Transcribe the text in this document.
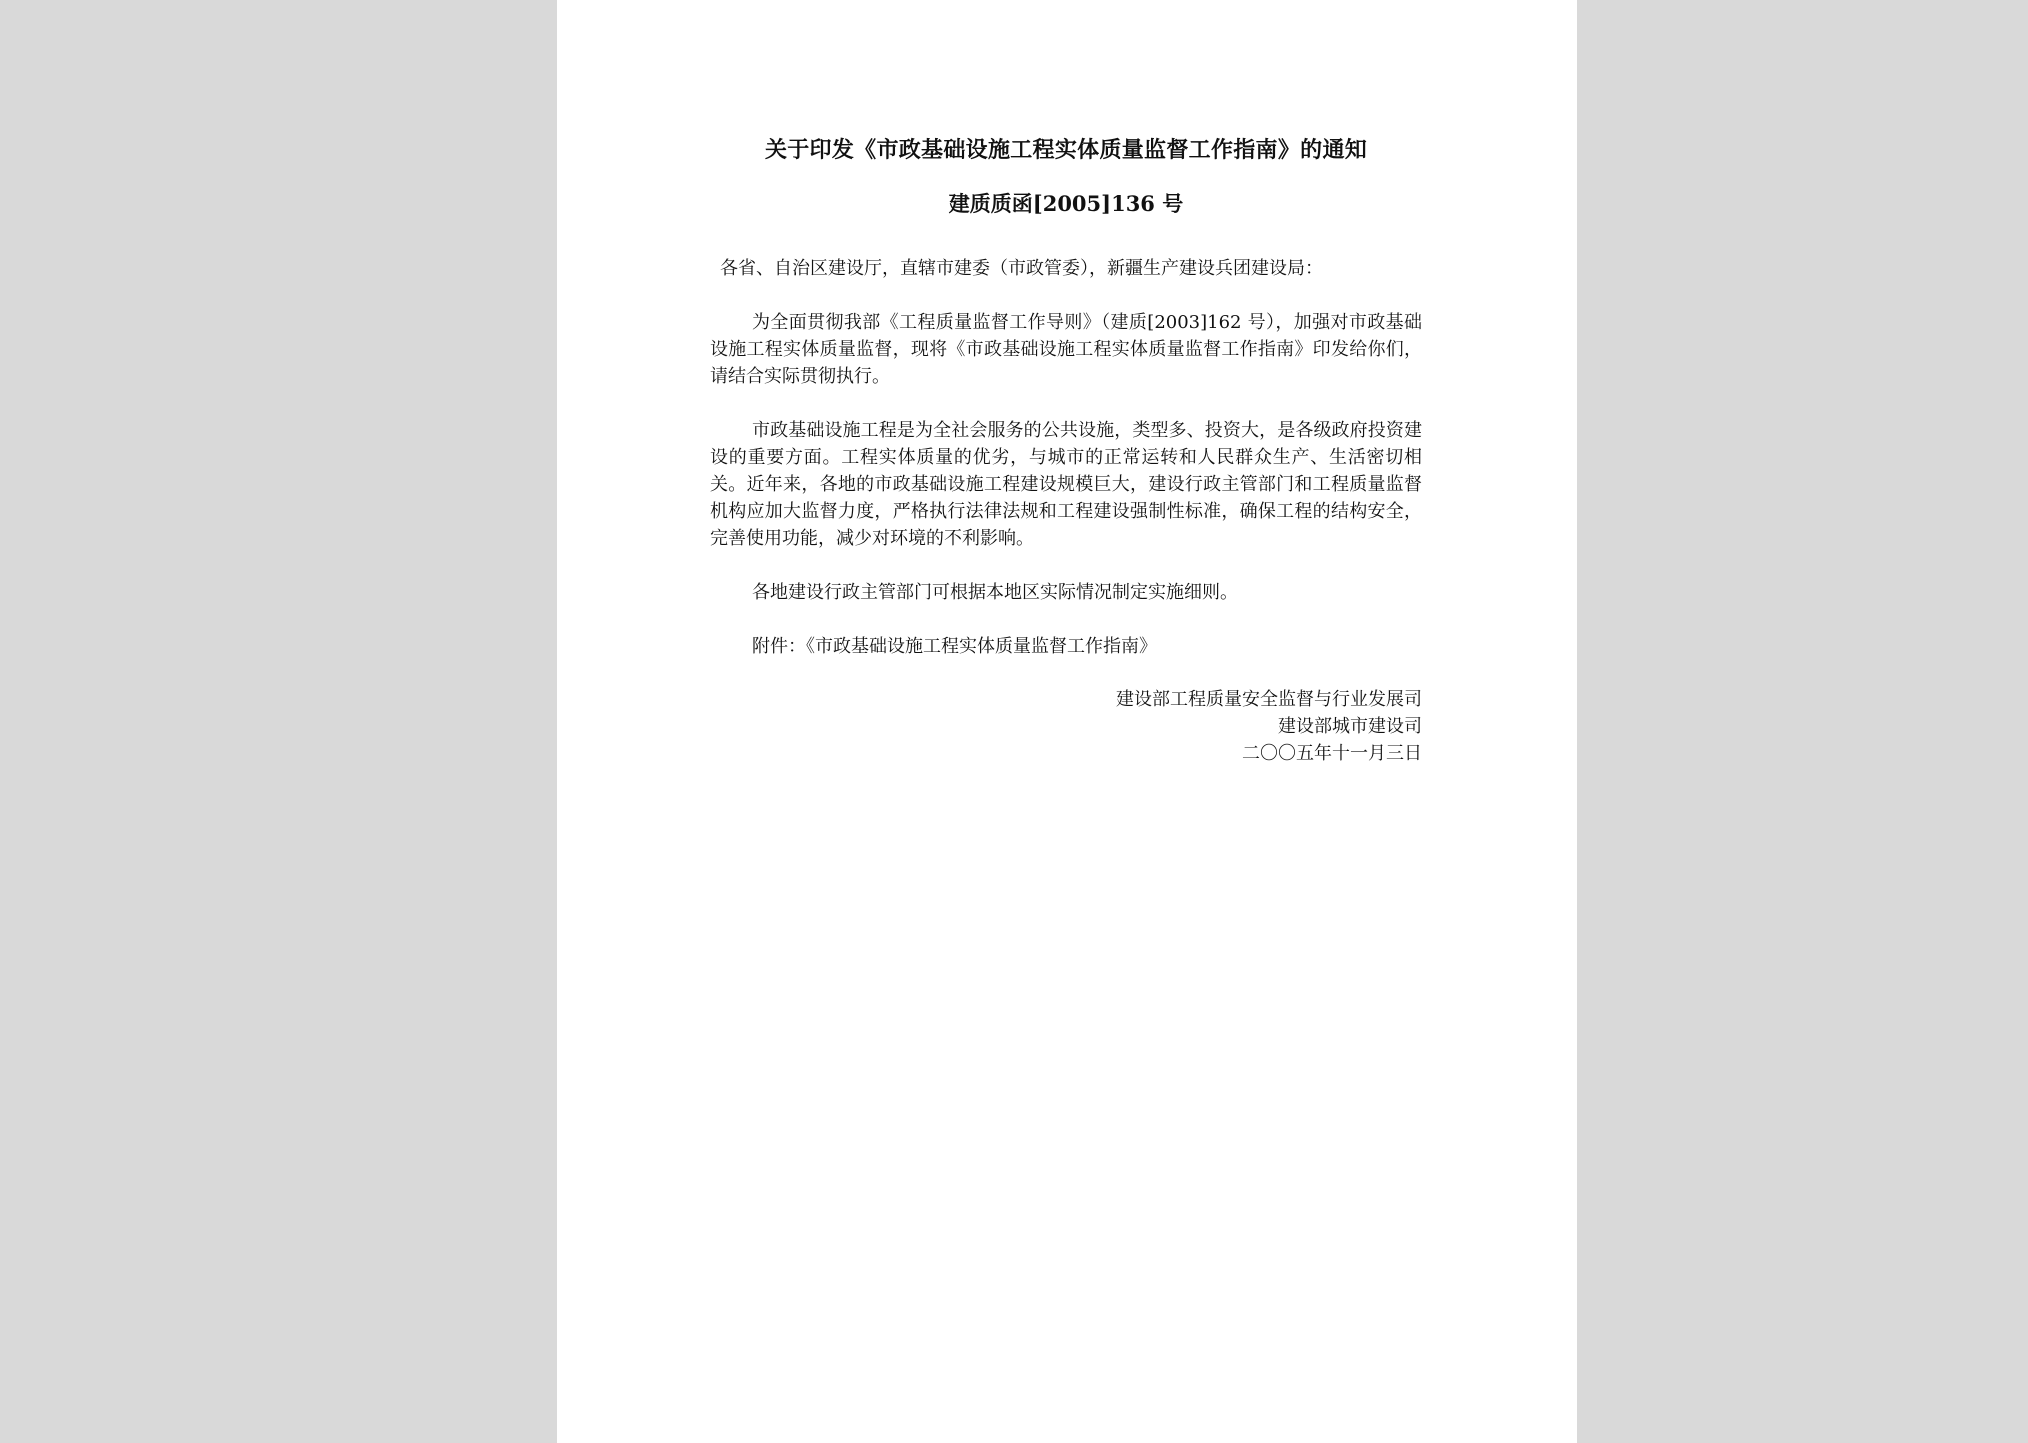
关于印发《市政基础设施工程实体质量监督工作指南》的通知
建质质函[2005]136 号

各省、自治区建设厅，直辖市建委（市政管委），新疆生产建设兵团建设局：

为全面贯彻我部《工程质量监督工作导则》（建质[2003]162 号），加强对市政基础设施工程实体质量监督，现将《市政基础设施工程实体质量监督工作指南》印发给你们，请结合实际贯彻执行。

市政基础设施工程是为全社会服务的公共设施，类型多、投资大，是各级政府投资建设的重要方面。工程实体质量的优劣，与城市的正常运转和人民群众生产、生活密切相关。近年来，各地的市政基础设施工程建设规模巨大，建设行政主管部门和工程质量监督机构应加大监督力度，严格执行法律法规和工程建设强制性标准，确保工程的结构安全，完善使用功能，减少对环境的不利影响。

各地建设行政主管部门可根据本地区实际情况制定实施细则。

附件：《市政基础设施工程实体质量监督工作指南》

建设部工程质量安全监督与行业发展司
建设部城市建设司
二〇〇五年十一月三日
